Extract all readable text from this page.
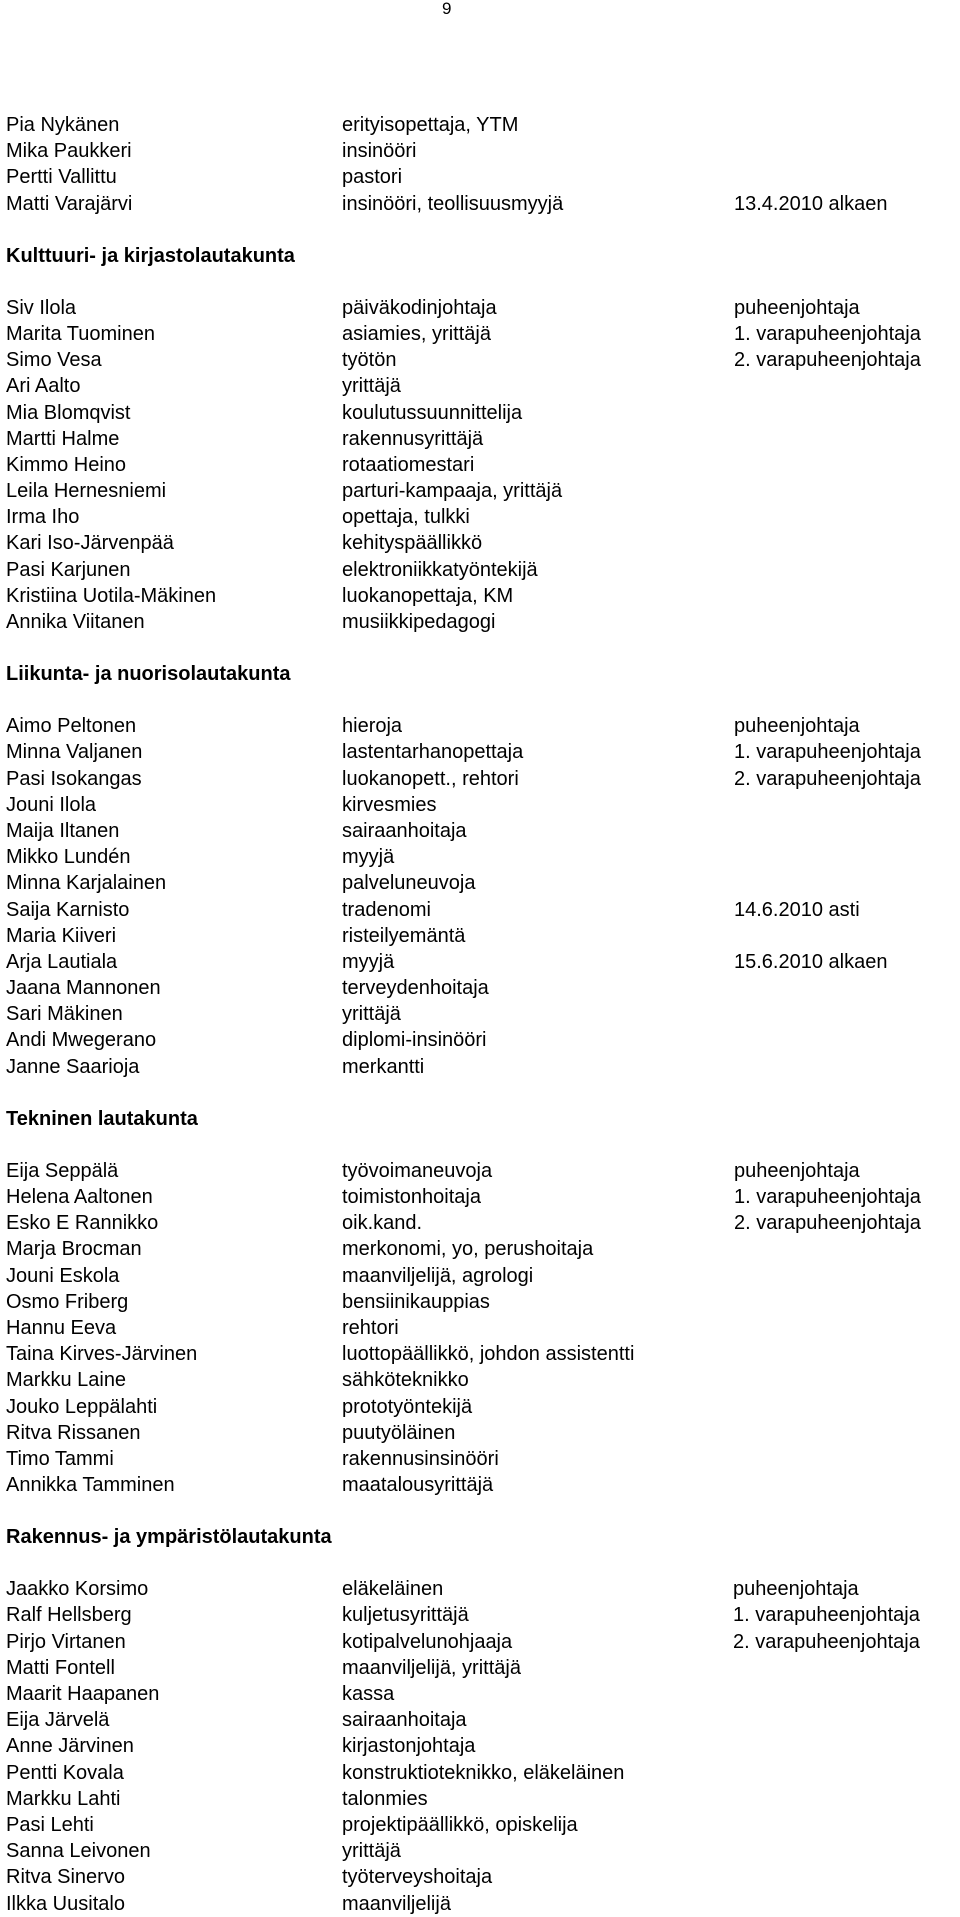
9
Pia Nykänen	erityisopettaja, YTM
Mika Paukkeri	insinööri
Pertti Vallittu	pastori
Matti Varajärvi	insinööri, teollisuusmyyjä	13.4.2010 alkaen
Kulttuuri- ja kirjastolautakunta
Siv Ilola	päiväkodinjohtaja	puheenjohtaja
Marita Tuominen	asiamies, yrittäjä	1. varapuheenjohtaja
Simo Vesa	työtön	2. varapuheenjohtaja
Ari Aalto	yrittäjä
Mia Blomqvist	koulutussuunnittelija
Martti Halme	rakennusyrittäjä
Kimmo Heino	rotaatiomestari
Leila Hernesniemi	parturi-kampaaja, yrittäjä
Irma Iho	opettaja, tulkki
Kari Iso-Järvenpää	kehityspäällikkö
Pasi Karjunen	elektroniikkatyöntekijä
Kristiina Uotila-Mäkinen	luokanopettaja, KM
Annika Viitanen	musiikkipedagogi
Liikunta- ja nuorisolautakunta
Aimo Peltonen	hieroja	puheenjohtaja
Minna Valjanen	lastentarhanopettaja	1. varapuheenjohtaja
Pasi Isokangas	luokanopett., rehtori	2. varapuheenjohtaja
Jouni Ilola	kirvesmies
Maija Iltanen	sairaanhoitaja
Mikko Lundén	myyjä
Minna Karjalainen	palveluneuvoja
Saija Karnisto	tradenomi	14.6.2010 asti
Maria Kiiveri	risteilyemäntä
Arja Lautiala	myyjä	15.6.2010 alkaen
Jaana Mannonen	terveydenhoitaja
Sari Mäkinen	yrittäjä
Andi Mwegerano	diplomi-insinööri
Janne Saarioja	merkantti
Tekninen lautakunta
Eija Seppälä	työvoimaneuvoja	puheenjohtaja
Helena Aaltonen	toimistonhoitaja	1. varapuheenjohtaja
Esko E Rannikko	oik.kand.	2. varapuheenjohtaja
Marja Brocman	merkonomi, yo, perushoitaja
Jouni Eskola	maanviljelijä, agrologi
Osmo Friberg	bensiinikauppias
Hannu Eeva	rehtori
Taina Kirves-Järvinen	luottopäällikkö, johdon assistentti
Markku Laine	sähköteknikko
Jouko Leppälahti	prototyöntekijä
Ritva Rissanen	puutyöläinen
Timo Tammi	rakennusinsinööri
Annikka Tamminen	maatalousyrittäjä
Rakennus- ja ympäristölautakunta
Jaakko Korsimo	eläkeläinen	puheenjohtaja
Ralf Hellsberg	kuljetusyrittäjä	1. varapuheenjohtaja
Pirjo Virtanen	kotipalvelunohjaaja	2. varapuheenjohtaja
Matti Fontell	maanviljelijä, yrittäjä
Maarit Haapanen	kassa
Eija Järvelä	sairaanhoitaja
Anne Järvinen	kirjastonjohtaja
Pentti Kovala	konstruktioteknikko, eläkeläinen
Markku Lahti	talonmies
Pasi Lehti	projektipäällikkö, opiskelija
Sanna Leivonen	yrittäjä
Ritva Sinervo	työterveyshoitaja
Ilkka Uusitalo	maanviljelijä
